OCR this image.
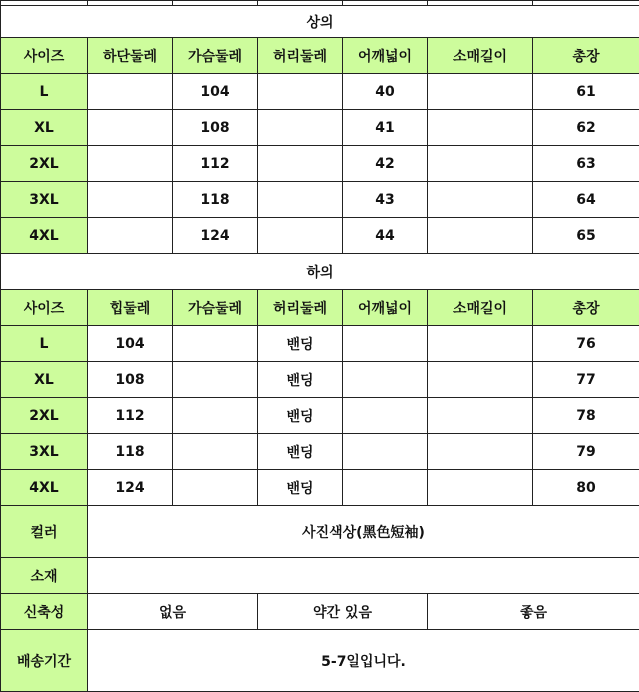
상의						
사이즈	하단둘레	가슴둘레	허리둘레	어깨넓이	소매길이	총장
L		104		40		61
XL		108		41		62
2XL		112		42		63
3XL		118		43		64
4XL		124		44		65
하의						
사이즈	힙둘레	가슴둘레	허리둘레	어깨넓이	소매길이	총장
L	104		밴딩			76
XL	108		밴딩			77
2XL	112		밴딩			78
3XL	118		밴딩			79
4XL	124		밴딩			80
컬러	사진색상(黑色短袖)					
소재						
신축성	없음		약간 있음		좋음	
배송기간	5-7일입니다.					
